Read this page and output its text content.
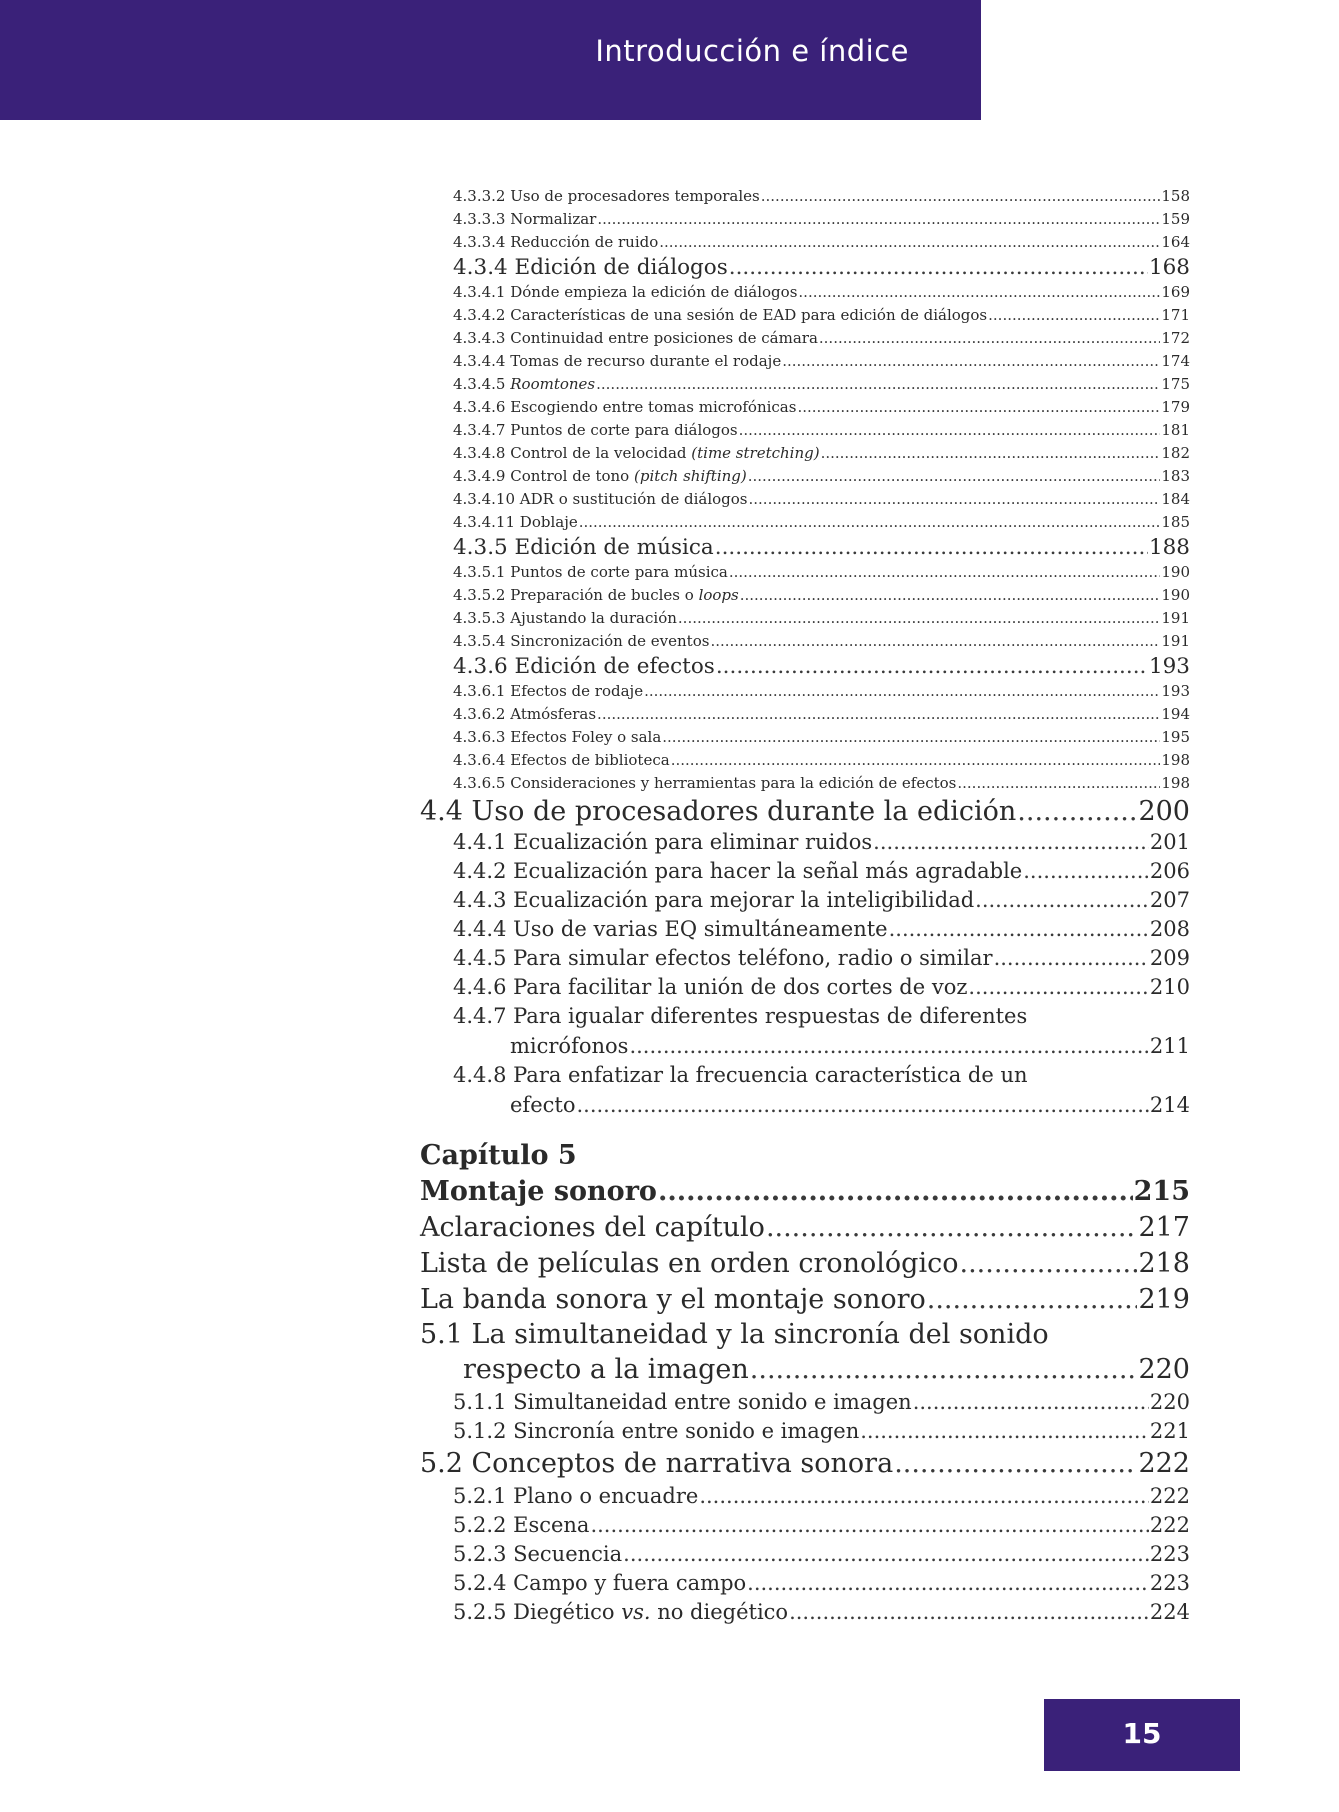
Introducción e índice
4.3.3.2 Uso de procesadores temporales .....	158
4.3.3.3 Normalizar .....	159
4.3.3.4 Reducción de ruido .....	164
4.3.4 Edición de diálogos .....	168
4.3.4.1 Dónde empieza la edición de diálogos .....	169
4.3.4.2 Características de una sesión de EAD para edición de diálogos .....	171
4.3.4.3 Continuidad entre posiciones de cámara .....	172
4.3.4.4 Tomas de recurso durante el rodaje .....	174
4.3.4.5 Roomtones .....	175
4.3.4.6 Escogiendo entre tomas microfónicas .....	179
4.3.4.7 Puntos de corte para diálogos .....	181
4.3.4.8 Control de la velocidad (time stretching) .....	182
4.3.4.9 Control de tono (pitch shifting) .....	183
4.3.4.10 ADR o sustitución de diálogos .....	184
4.3.4.11 Doblaje .....	185
4.3.5 Edición de música .....	188
4.3.5.1 Puntos de corte para música .....	190
4.3.5.2 Preparación de bucles o loops .....	190
4.3.5.3 Ajustando la duración .....	191
4.3.5.4 Sincronización de eventos .....	191
4.3.6 Edición de efectos .....	193
4.3.6.1 Efectos de rodaje .....	193
4.3.6.2 Atmósferas .....	194
4.3.6.3 Efectos Foley o sala .....	195
4.3.6.4 Efectos de biblioteca .....	198
4.3.6.5 Consideraciones y herramientas para la edición de efectos .....	198
4.4 Uso de procesadores durante la edición .....	200
4.4.1 Ecualización para eliminar ruidos .....	201
4.4.2 Ecualización para hacer la señal más agradable .....	206
4.4.3 Ecualización para mejorar la inteligibilidad .....	207
4.4.4 Uso de varias EQ simultáneamente .....	208
4.4.5 Para simular efectos teléfono, radio o similar .....	209
4.4.6 Para facilitar la unión de dos cortes de voz .....	210
4.4.7 Para igualar diferentes respuestas de diferentes
micrófonos .....	211
4.4.8 Para enfatizar la frecuencia característica de un
efecto .....	214
Capítulo 5
Montaje sonoro .....	215
Aclaraciones del capítulo .....	217
Lista de películas en orden cronológico .....	218
La banda sonora y el montaje sonoro .....	219
5.1 La simultaneidad y la sincronía del sonido
respecto a la imagen .....	220
5.1.1 Simultaneidad entre sonido e imagen .....	220
5.1.2 Sincronía entre sonido e imagen .....	221
5.2 Conceptos de narrativa sonora .....	222
5.2.1 Plano o encuadre .....	222
5.2.2 Escena .....	222
5.2.3 Secuencia .....	223
5.2.4 Campo y fuera campo .....	223
5.2.5 Diegético vs. no diegético .....	224
15
